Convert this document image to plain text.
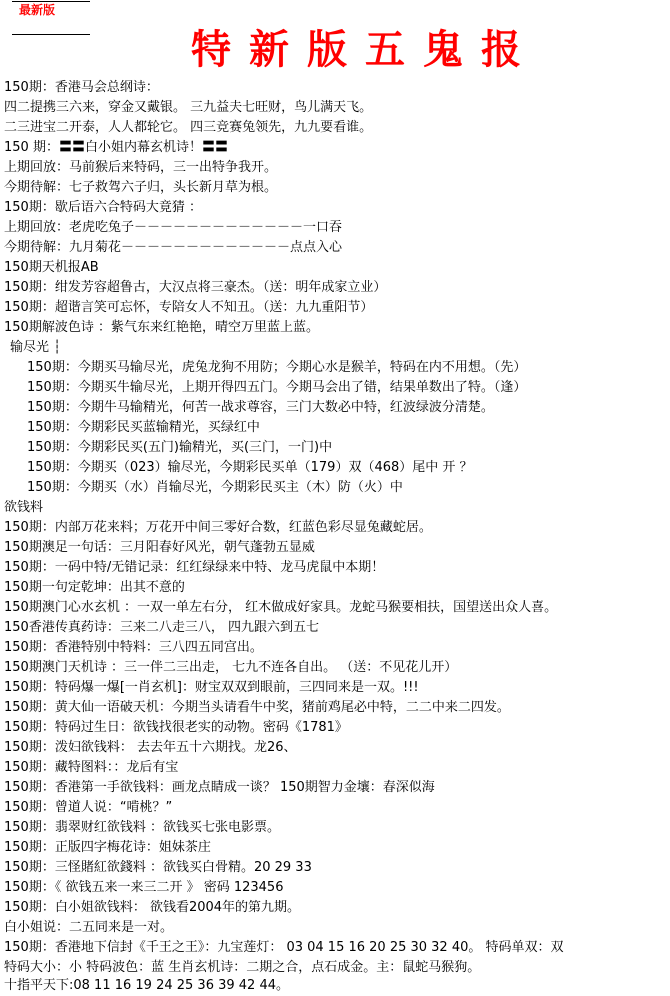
最新版
特新版五鬼报
150期：香港马会总纲诗：
四二提携三六来，穿金又戴银。 三九益夫七旺财，鸟儿满天飞。
二三进宝二开泰，人人都轮它。 四三竞赛兔领先，九九要看谁。
150 期：〓〓白小姐内幕玄机诗！〓〓
上期回放：马前猴后来特码，三一出特争我开。
今期待解：七子救驾六子归，头长新月草为根。
150期：歇后语六合特码大竟猜 ：
上期回放：老虎吃兔子－－－－－－－－－－－－－一口吞
今期待解：九月菊花－－－－－－－－－－－－－点点入心
150期天机报AB
150期：绀发芳容超鲁古，大汉点将三豪杰。（送：明年成家立业）
150期：超谐言笑可忘怀，专陪女人不知丑。（送：九九重阳节）
150期解波色诗 ：紫气东来红艳艳，晴空万里蓝上蓝。
输尽光 ┆
150期：今期买马输尽光，虎兔龙狗不用防；今期心水是猴羊，特码在内不用想。（先）
150期：今期买牛输尽光，上期开得四五门。今期马会出了错，结果单数出了特。（逢）
150期：今期牛马输精光，何苦一战求尊容，三门大数必中特，红波绿波分清楚。
150期：今期彩民买蓝输精光，买绿红中
150期：今期彩民买(五门)输精光，买(三门，一门)中
150期：今期买（023）输尽光，今期彩民买单（179）双（468）尾中 开 ？
150期：今期买（水）肖输尽光，今期彩民买主（木）防（火）中
欲钱料
150期：内部万花来料；万花开中间三零好合数，红蓝色彩尽显兔藏蛇居。
150期澳足一句话：三月阳春好风光，朝气蓬勃五显威
150期：一码中特/无错记录：红红绿绿来中特、龙马虎鼠中本期！
150期一句定乾坤：出其不意的
150期澳门心水玄机 ：一双一单左右分， 红木做成好家具。龙蛇马猴要相扶，国望送出众人喜。
150香港传真药诗：三来二八走三八， 四九跟六到五七
150期：香港特别中特料：三八四五同宫出。
150期澳门天机诗 ：三一伴二三出走， 七九不连各自出。 （送：不见花儿开）
150期：特码爆一爆[一肖玄机]：财宝双双到眼前，三四同来是一双。!!!
150期：黄大仙一语破天机：今期当头请看牛中奖，猪前鸡尾必中特，二二中来二四发。
150期：特码过生日：欲钱找很老实的动物。密码《1781》
150期：泼妇欲钱料： 去去年五十六期找。龙26、
150期：藏特图料：：龙后有宝
150期：香港第一手欲钱料：画龙点睛成一谈？ 150期智力金壤：春深似海
150期：曾道人说：“啃桃？”
150期：翡翠财红欲钱料 ：欲钱买七张电影票。
150期：正版四字梅花诗：姐妹茶庄
150期：三怪賭紅欲錢料 ：欲钱买白骨精。20 29 33
150期：《 欲钱五来一来三二开 》 密码 123456
150期：白小姐欲钱料： 欲钱看2004年的第九期。
白小姐说：二五同来是一对。
150期：香港地下信封《千王之王》：九宝莲灯： 03 04 15 16 20 25 30 32 40。 特码单双：双
特码大小：小 特码波色：蓝 生肖玄机诗：二期之合，点石成金。主：鼠蛇马猴狗。
十指平天下:08 11 16 19 24 25 36 39 42 44。
